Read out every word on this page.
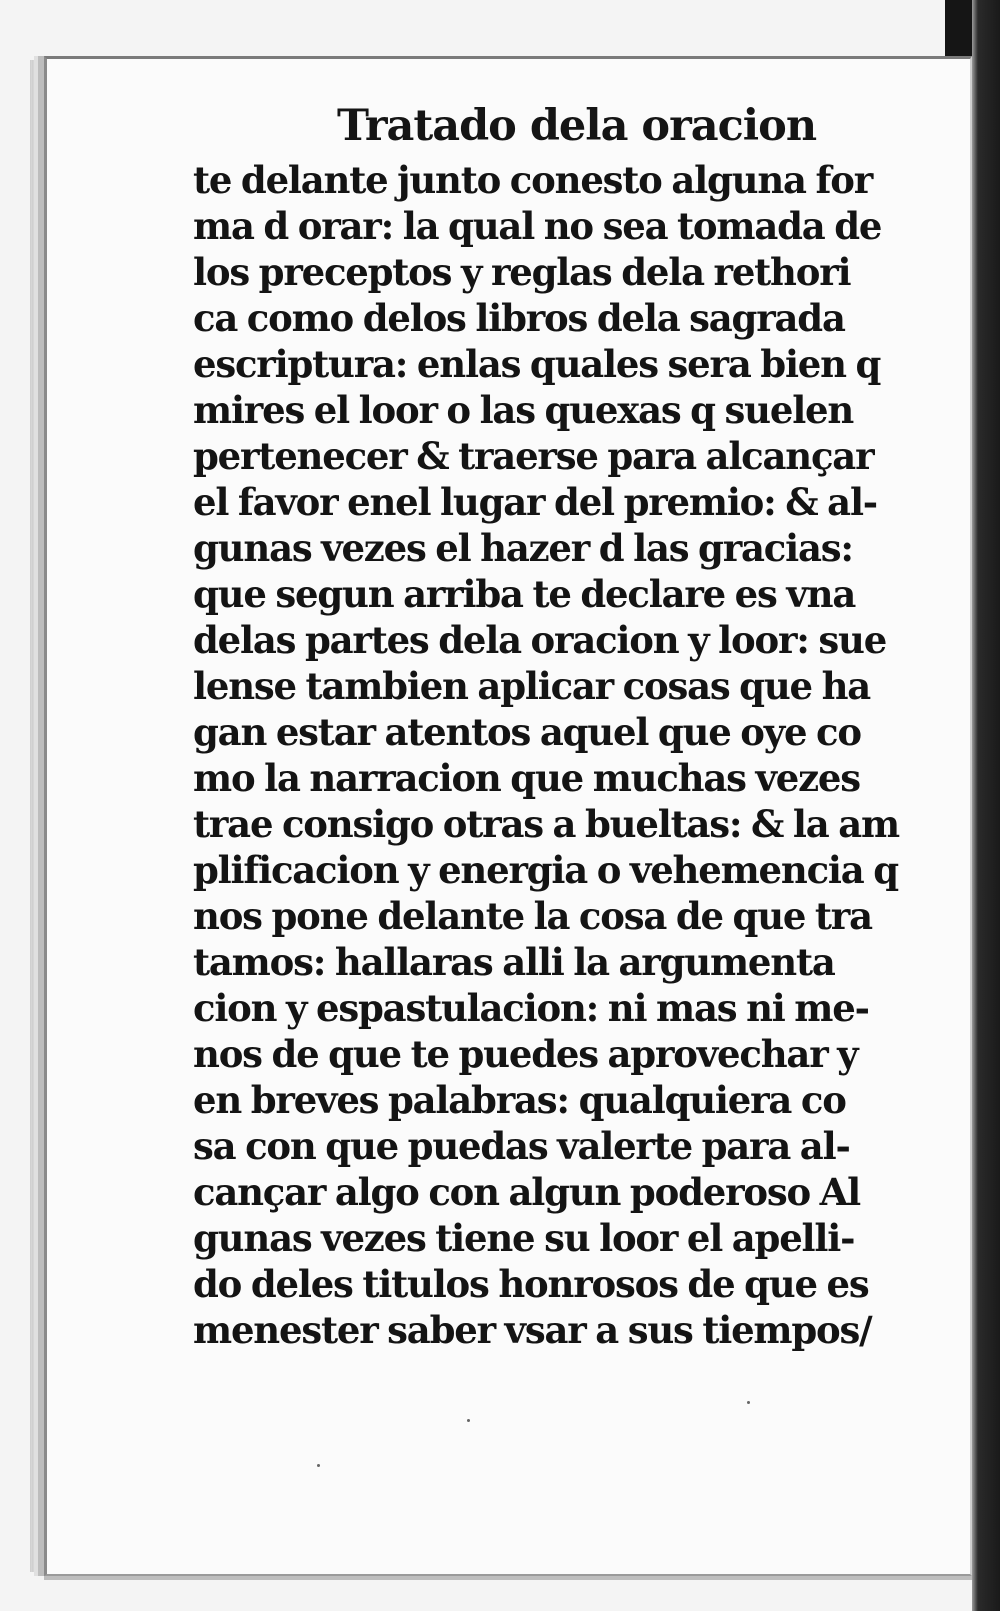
Tratado dela oracion
te delante junto conesto alguna for
ma d orar: la qual no sea tomada de
los preceptos y reglas dela rethori
ca como delos libros dela sagrada
escriptura: enlas quales sera bien q
mires el loor o las quexas q suelen
pertenecer & traerse para alcançar
el favor enel lugar del premio: & al-
gunas vezes el hazer d las gracias:
que segun arriba te declare es vna
delas partes dela oracion y loor: sue
lense tambien aplicar cosas que ha
gan estar atentos aquel que oye co
mo la narracion que muchas vezes
trae consigo otras a bueltas: & la am
plificacion y energia o vehemencia q
nos pone delante la cosa de que tra
tamos: hallaras alli la argumenta
cion y espastulacion: ni mas ni me-
nos de que te puedes aprovechar y
en breves palabras: qualquiera co
sa con que puedas valerte para al-
cançar algo con algun poderoso Al
gunas vezes tiene su loor el apelli-
do deles titulos honrosos de que es
menester saber vsar a sus tiempos/
